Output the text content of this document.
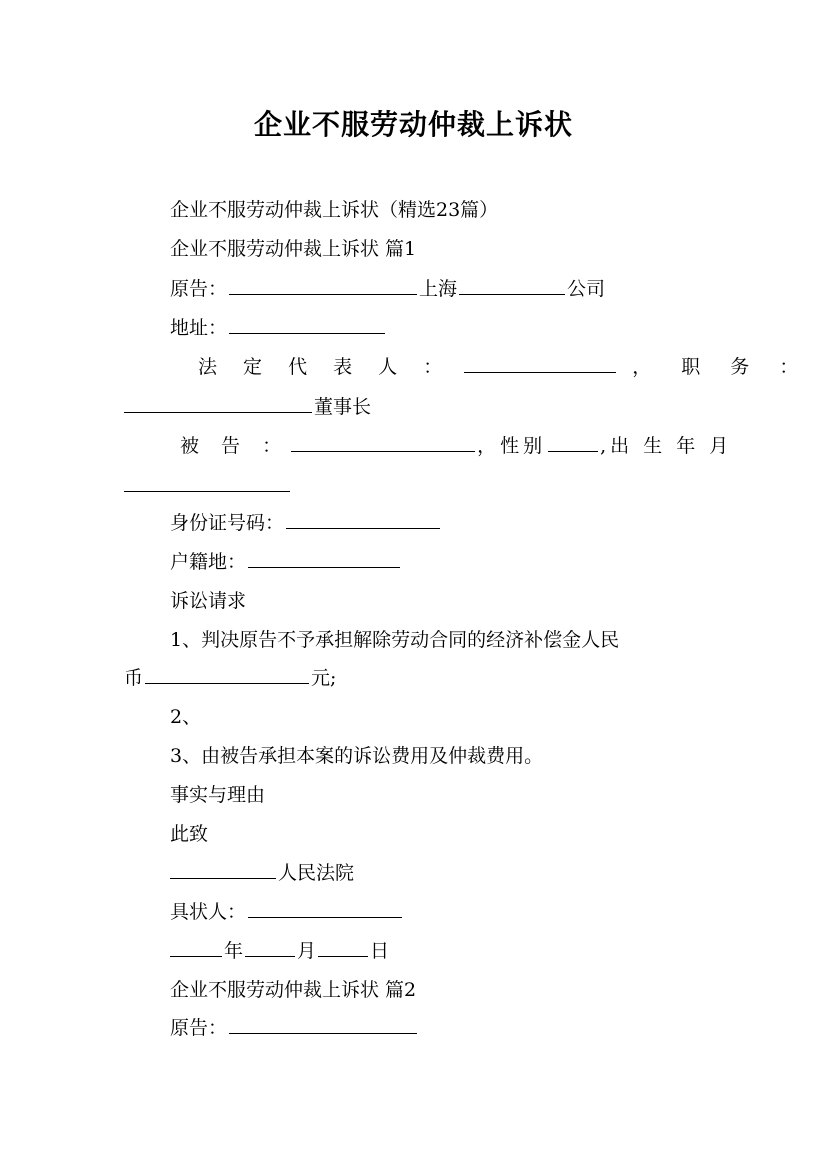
企业不服劳动仲裁上诉状
企业不服劳动仲裁上诉状（精选23篇）
企业不服劳动仲裁上诉状 篇1
原告：	上海	公司
地址：
法 定 代 表 人 ：	， 职 务 ：
董事长
被 告 ：	，性别	,出 生 年 月
身份证号码：
户籍地：
诉讼请求
1、判决原告不予承担解除劳动合同的经济补偿金人民
币	元;
2、
3、由被告承担本案的诉讼费用及仲裁费用。
事实与理由
此致
人民法院
具状人：
年	月	日
企业不服劳动仲裁上诉状 篇2
原告：
